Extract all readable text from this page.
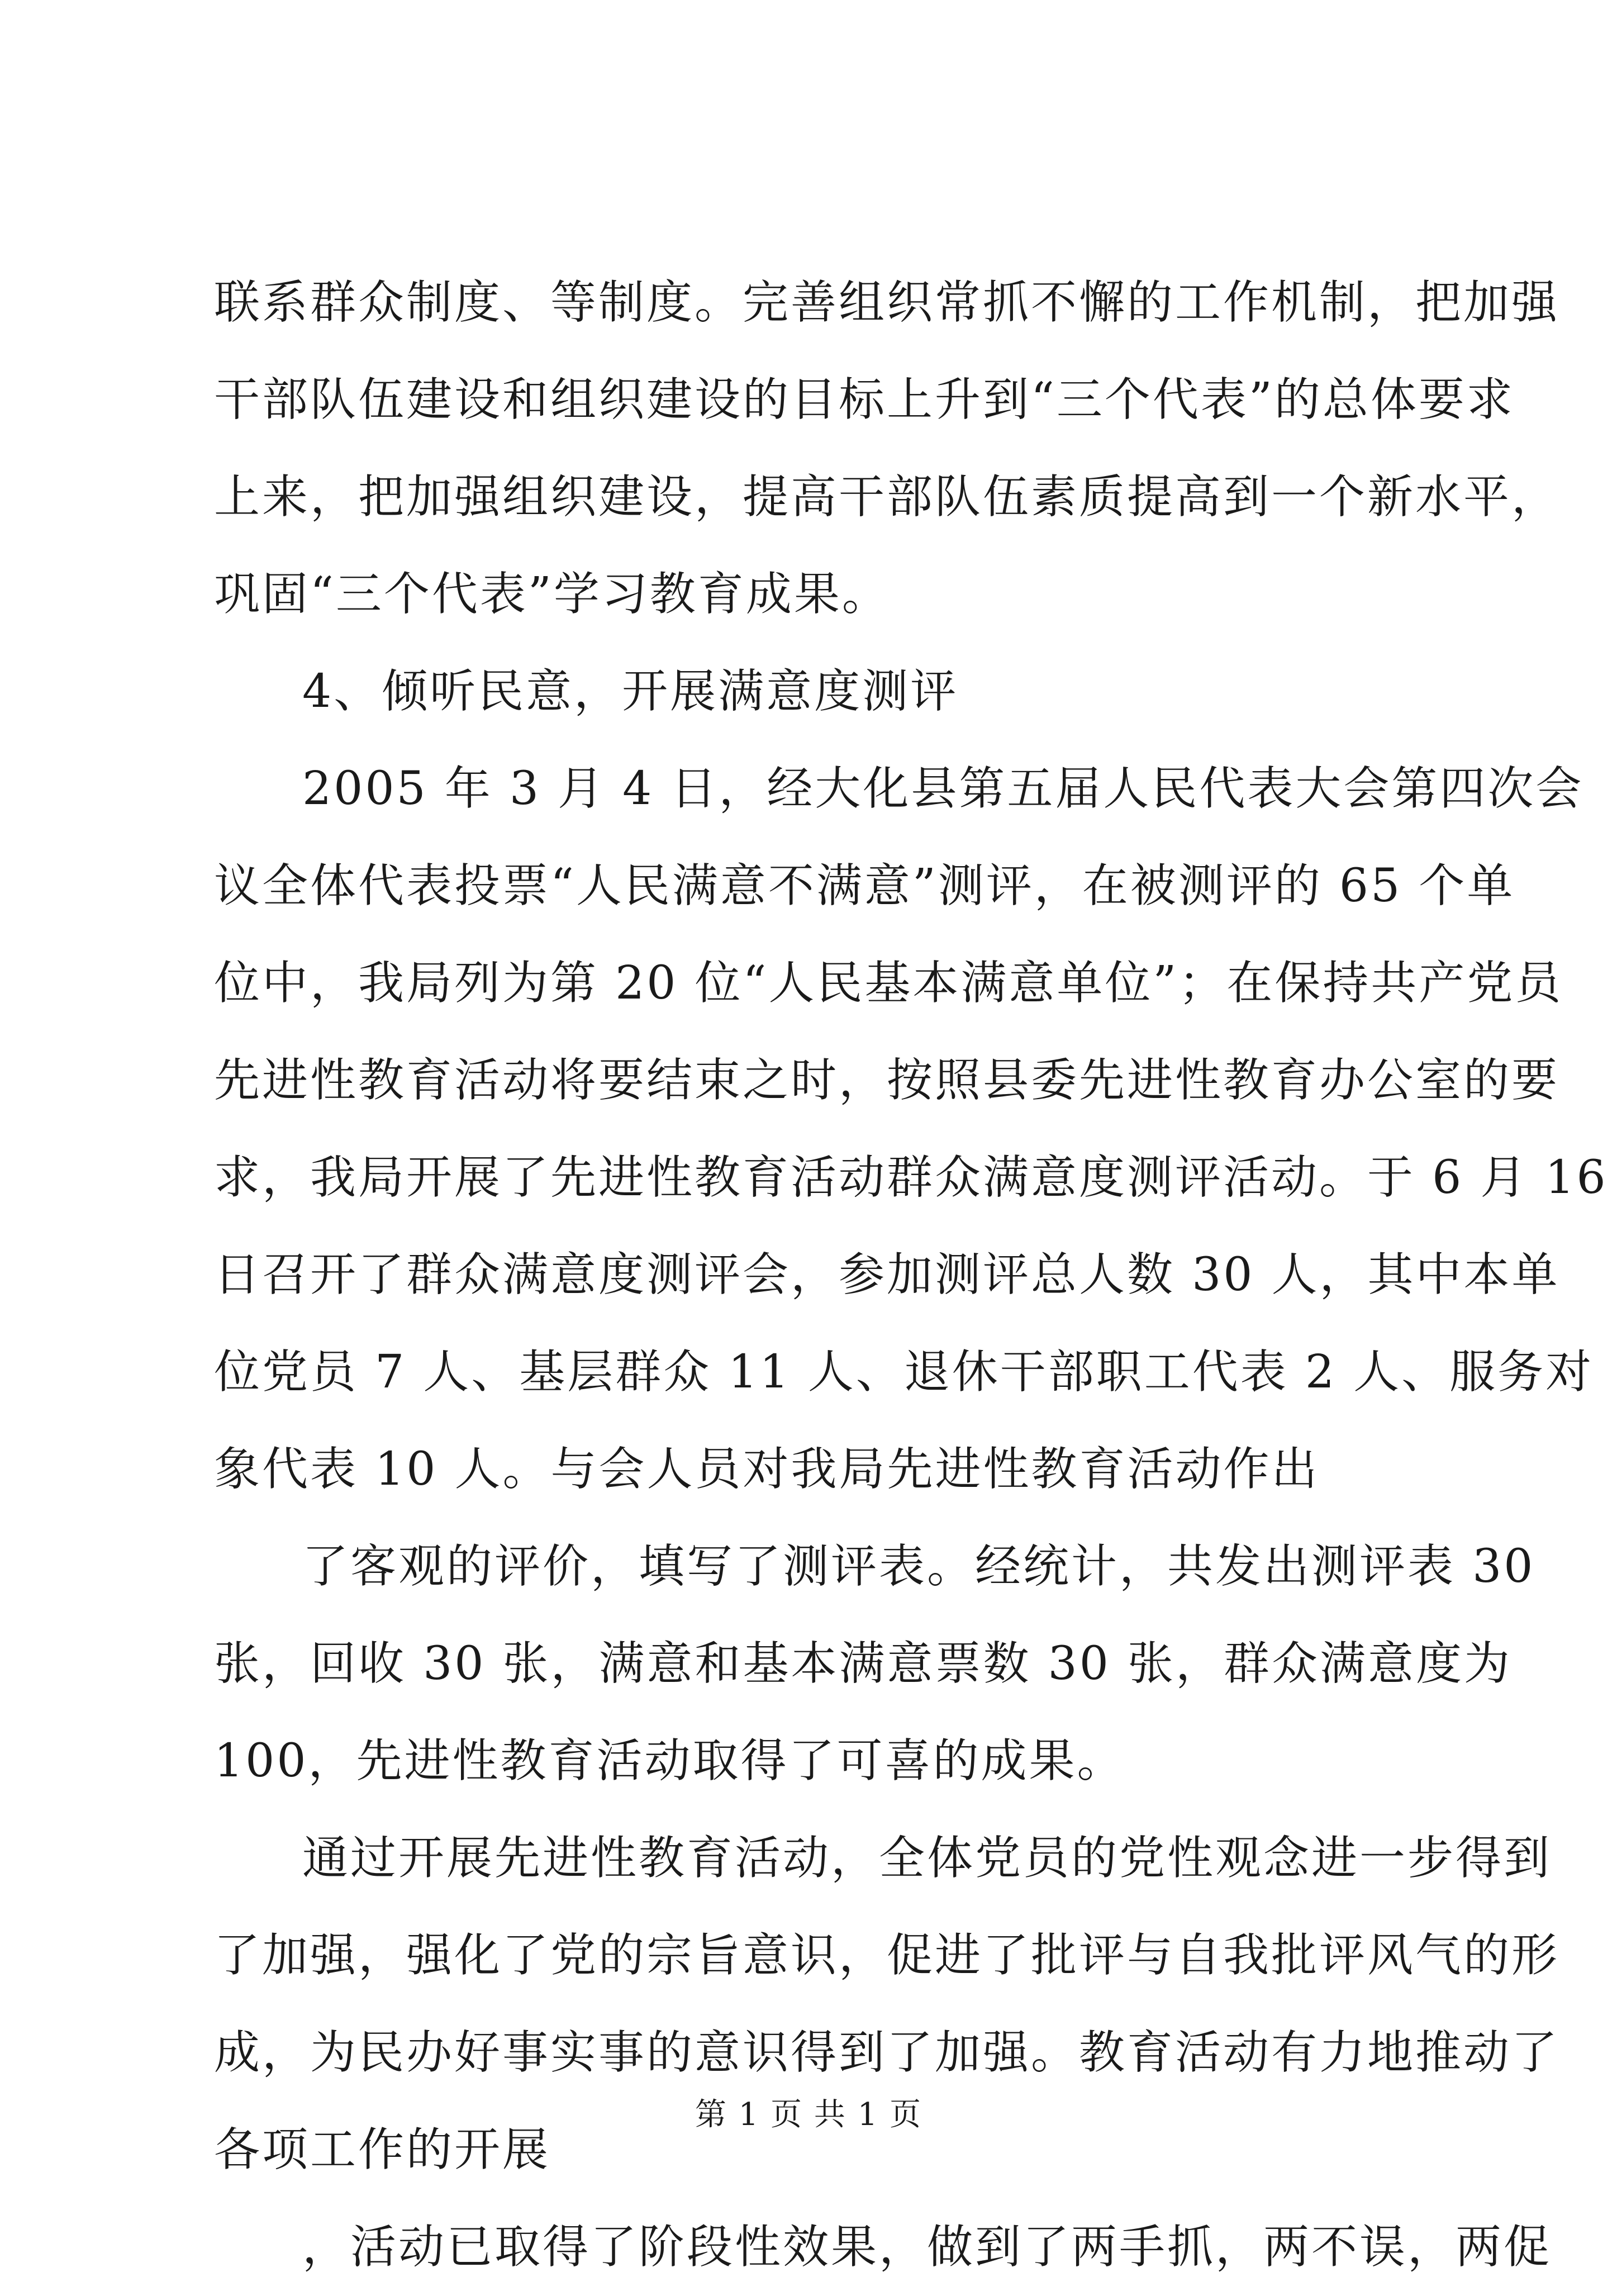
联系群众制度、等制度。完善组织常抓不懈的工作机制，把加强
干部队伍建设和组织建设的目标上升到“三个代表”的总体要求
上来，把加强组织建设，提高干部队伍素质提高到一个新水平，
巩固“三个代表”学习教育成果。
4、倾听民意，开展满意度测评
2005 年 3 月 4 日，经大化县第五届人民代表大会第四次会
议全体代表投票“人民满意不满意”测评，在被测评的 65 个单
位中，我局列为第 20 位“人民基本满意单位”；在保持共产党员
先进性教育活动将要结束之时，按照县委先进性教育办公室的要
求，我局开展了先进性教育活动群众满意度测评活动。于 6 月 16
日召开了群众满意度测评会，参加测评总人数 30 人，其中本单
位党员 7 人、基层群众 11 人、退休干部职工代表 2 人、服务对
象代表 10 人。与会人员对我局先进性教育活动作出
了客观的评价，填写了测评表。经统计，共发出测评表 30
张，回收 30 张，满意和基本满意票数 30 张，群众满意度为
100，先进性教育活动取得了可喜的成果。
通过开展先进性教育活动，全体党员的党性观念进一步得到
了加强，强化了党的宗旨意识，促进了批评与自我批评风气的形
成，为民办好事实事的意识得到了加强。教育活动有力地推动了
各项工作的开展
，活动已取得了阶段性效果，做到了两手抓，两不误，两促
第 1 页 共 1 页
